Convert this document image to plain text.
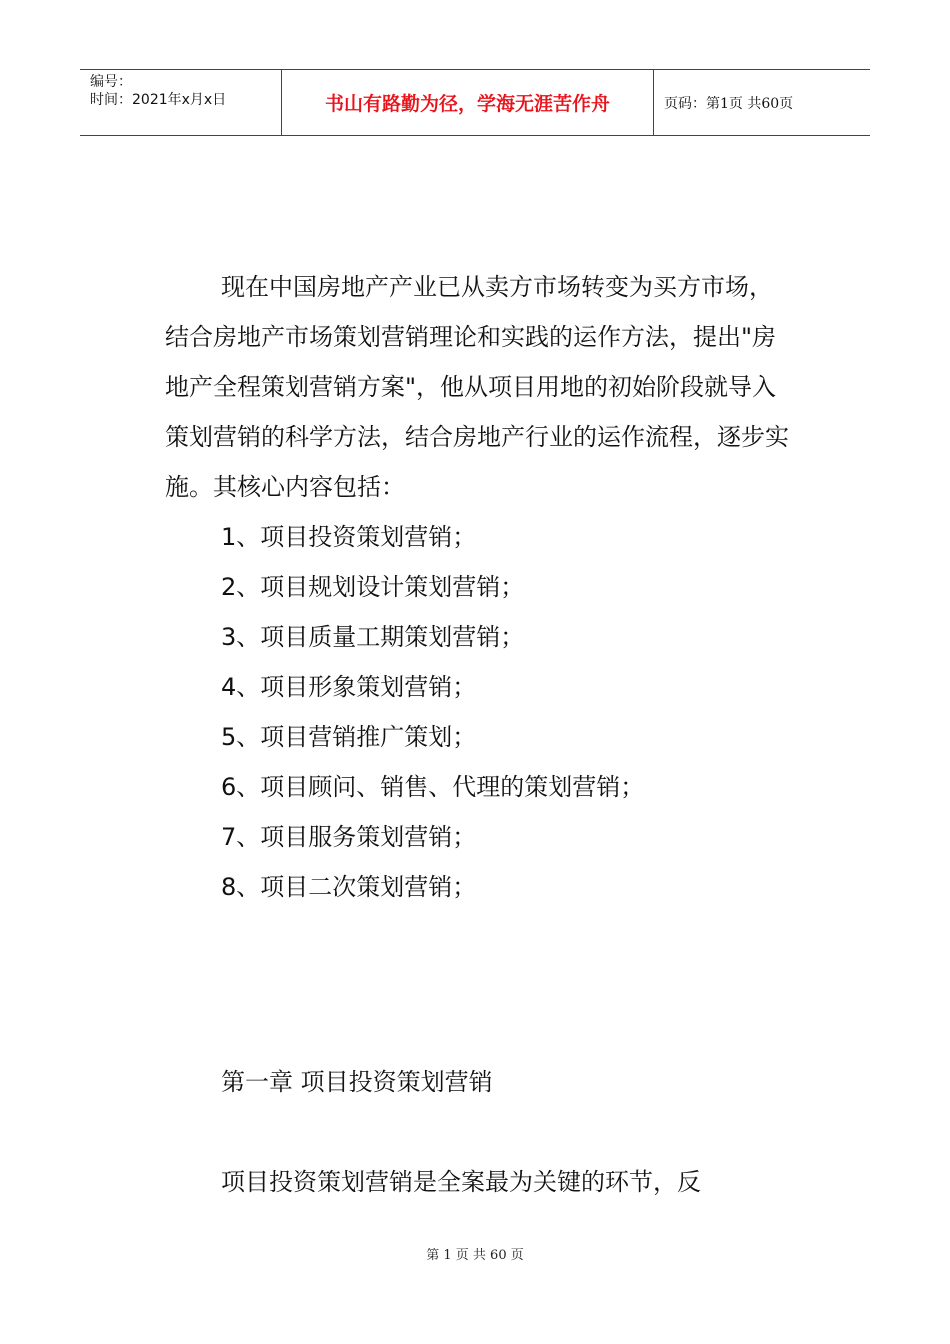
编号：
时间：2021年x月x日	书山有路勤为径，学海无涯苦作舟	页码：第1页 共60页

现在中国房地产产业已从卖方市场转变为买方市场，结合房地产市场策划营销理论和实践的运作方法，提出"房地产全程策划营销方案"，他从项目用地的初始阶段就导入策划营销的科学方法，结合房地产行业的运作流程，逐步实施。其核心内容包括：

1、项目投资策划营销；

2、项目规划设计策划营销；

3、项目质量工期策划营销；

4、项目形象策划营销；

5、项目营销推广策划；

6、项目顾问、销售、代理的策划营销；

7、项目服务策划营销；

8、项目二次策划营销；

第一章 项目投资策划营销
项目投资策划营销是全案最为关键的环节，反
第 1 页 共 60 页
